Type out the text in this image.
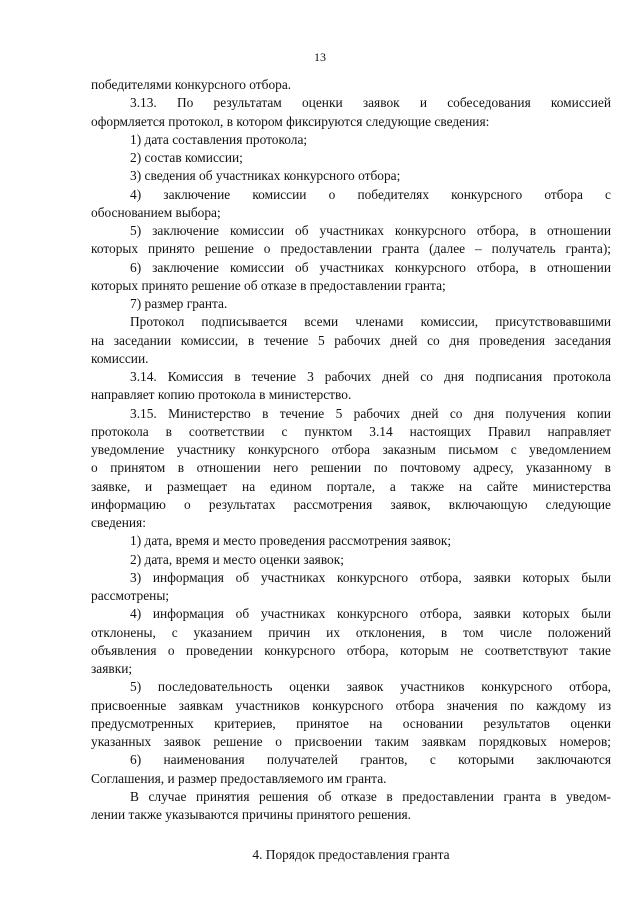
13
победителями конкурсного отбора.
3.13. По результатам оценки заявок и собеседования комиссией
оформляется протокол, в котором фиксируются следующие сведения:
1) дата составления протокола;
2) состав комиссии;
3) сведения об участниках конкурсного отбора;
4) заключение комиссии о победителях конкурсного отбора с
обоснованием выбора;
5) заключение комиссии об участниках конкурсного отбора, в отношении
которых принято решение о предоставлении гранта (далее – получатель гранта);
6) заключение комиссии об участниках конкурсного отбора, в отношении
которых принято решение об отказе в предоставлении гранта;
7) размер гранта.
Протокол подписывается всеми членами комиссии, присутствовавшими
на заседании комиссии, в течение 5 рабочих дней со дня проведения заседания
комиссии.
3.14. Комиссия в течение 3 рабочих дней со дня подписания протокола
направляет копию протокола в министерство.
3.15. Министерство в течение 5 рабочих дней со дня получения копии
протокола в соответствии с пунктом 3.14 настоящих Правил направляет
уведомление участнику конкурсного отбора заказным письмом с уведомлением
о принятом в отношении него решении по почтовому адресу, указанному в
заявке, и размещает на едином портале, а также на сайте министерства
информацию о результатах рассмотрения заявок, включающую следующие
сведения:
1) дата, время и место проведения рассмотрения заявок;
2) дата, время и место оценки заявок;
3) информация об участниках конкурсного отбора, заявки которых были
рассмотрены;
4) информация об участниках конкурсного отбора, заявки которых были
отклонены, с указанием причин их отклонения, в том числе положений
объявления о проведении конкурсного отбора, которым не соответствуют такие
заявки;
5) последовательность оценки заявок участников конкурсного отбора,
присвоенные заявкам участников конкурсного отбора значения по каждому из
предусмотренных критериев, принятое на основании результатов оценки
указанных заявок решение о присвоении таким заявкам порядковых номеров;
6) наименования получателей грантов, с которыми заключаются
Соглашения, и размер предоставляемого им гранта.
В случае принятия решения об отказе в предоставлении гранта в уведом-
лении также указываются причины принятого решения.
4. Порядок предоставления гранта
